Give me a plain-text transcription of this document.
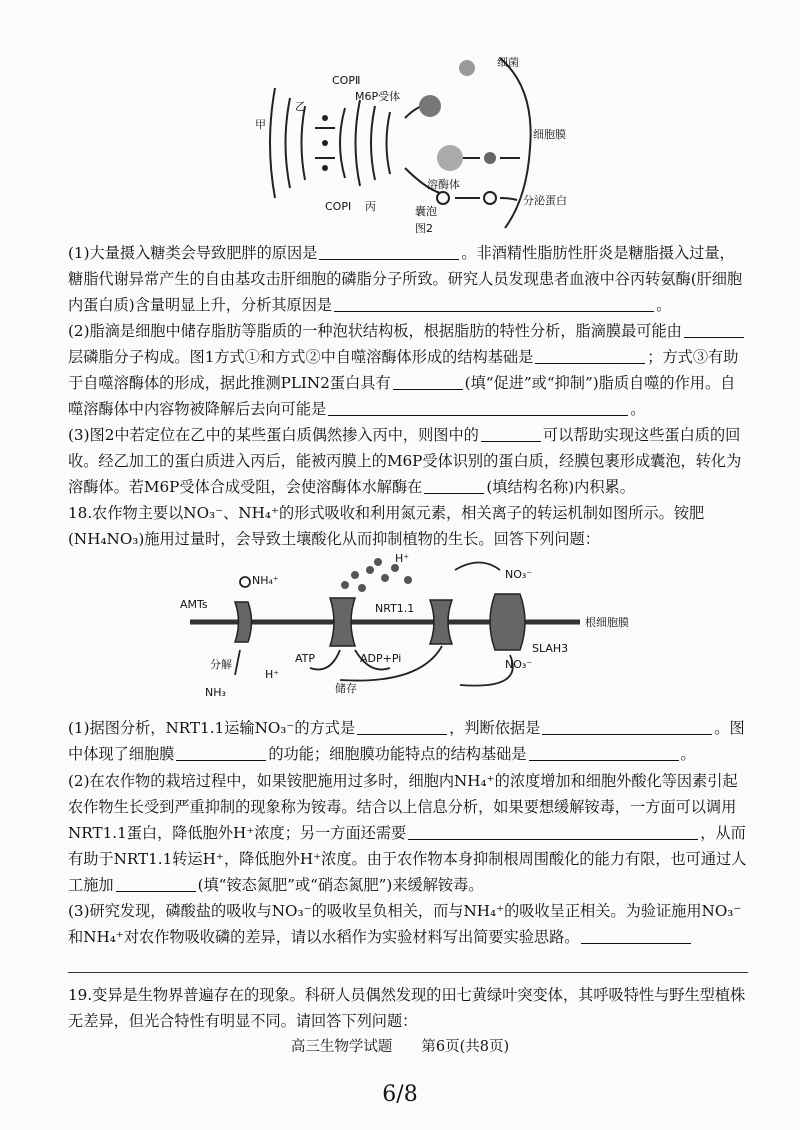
COPⅡ
乙
甲
M6P受体
细菌
细胞膜
溶酶体
COPⅠ 丙	囊泡
分泌蛋白
图2

(1)大量摄入糖类会导致肥胖的原因是	。非酒精性脂肪性肝炎是糖脂摄入过量，糖脂代谢异常产生的自由基攻击肝细胞的磷脂分子所致。研究人员发现患者血液中谷丙转氨酶(肝细胞内蛋白质)含量明显上升，分析其原因是	。

(2)脂滴是细胞中储存脂肪等脂质的一种泡状结构板，根据脂肪的特性分析，脂滴膜最可能由层磷脂分子构成。图1方式①和方式②中自噬溶酶体形成的结构基础是	；方式③有助于自噬溶酶体的形成，据此推测PLIN2蛋白具有	(填“促进”或“抑制”)脂质自噬的作用。自噬溶酶体中内容物被降解后去向可能是	。

(3)图2中若定位在乙中的某些蛋白质偶然掺入丙中，则图中的	可以帮助实现这些蛋白质的回收。经乙加工的蛋白质进入丙后，能被丙膜上的M6P受体识别的蛋白质，经膜包裹形成囊泡，转化为溶酶体。若M6P受体合成受阻，会使溶酶体水解酶在	(填结构名称)内积累。

18.农作物主要以NO₃⁻、NH₄⁺的形式吸收和利用氮元素，相关离子的转运机制如图所示。铵肥(NH₄NO₃)施用过量时，会导致土壤酸化从而抑制植物的生长。回答下列问题：

NH₄⁺
H⁺
NO₃⁻
AMTs	NRT1.1
根细胞膜
SLAH3
分解	ATP	ADP+Pi
H⁺
NH₃	储存
NO₃⁻

(1)据图分析，NRT1.1运输NO₃⁻的方式是	，判断依据是	。图中体现了细胞膜	的功能；细胞膜功能特点的结构基础是	。

(2)在农作物的栽培过程中，如果铵肥施用过多时，细胞内NH₄⁺的浓度增加和细胞外酸化等因素引起农作物生长受到严重抑制的现象称为铵毒。结合以上信息分析，如果要想缓解铵毒，一方面可以调用NRT1.1蛋白，降低胞外H⁺浓度；另一方面还需要	，从而有助于NRT1.1转运H⁺，降低胞外H⁺浓度。由于农作物本身抑制根周围酸化的能力有限，也可通过人工施加	(填“铵态氮肥”或“硝态氮肥”)来缓解铵毒。

(3)研究发现，磷酸盐的吸收与NO₃⁻的吸收呈负相关，而与NH₄⁺的吸收呈正相关。为验证施用NO₃⁻和NH₄⁺对农作物吸收磷的差异，请以水稻作为实验材料写出简要实验思路。

19.变异是生物界普遍存在的现象。科研人员偶然发现的田七黄绿叶突变体，其呼吸特性与野生型植株无差异，但光合特性有明显不同。请回答下列问题：

高三生物学试题　　第6页(共8页)
6/8
